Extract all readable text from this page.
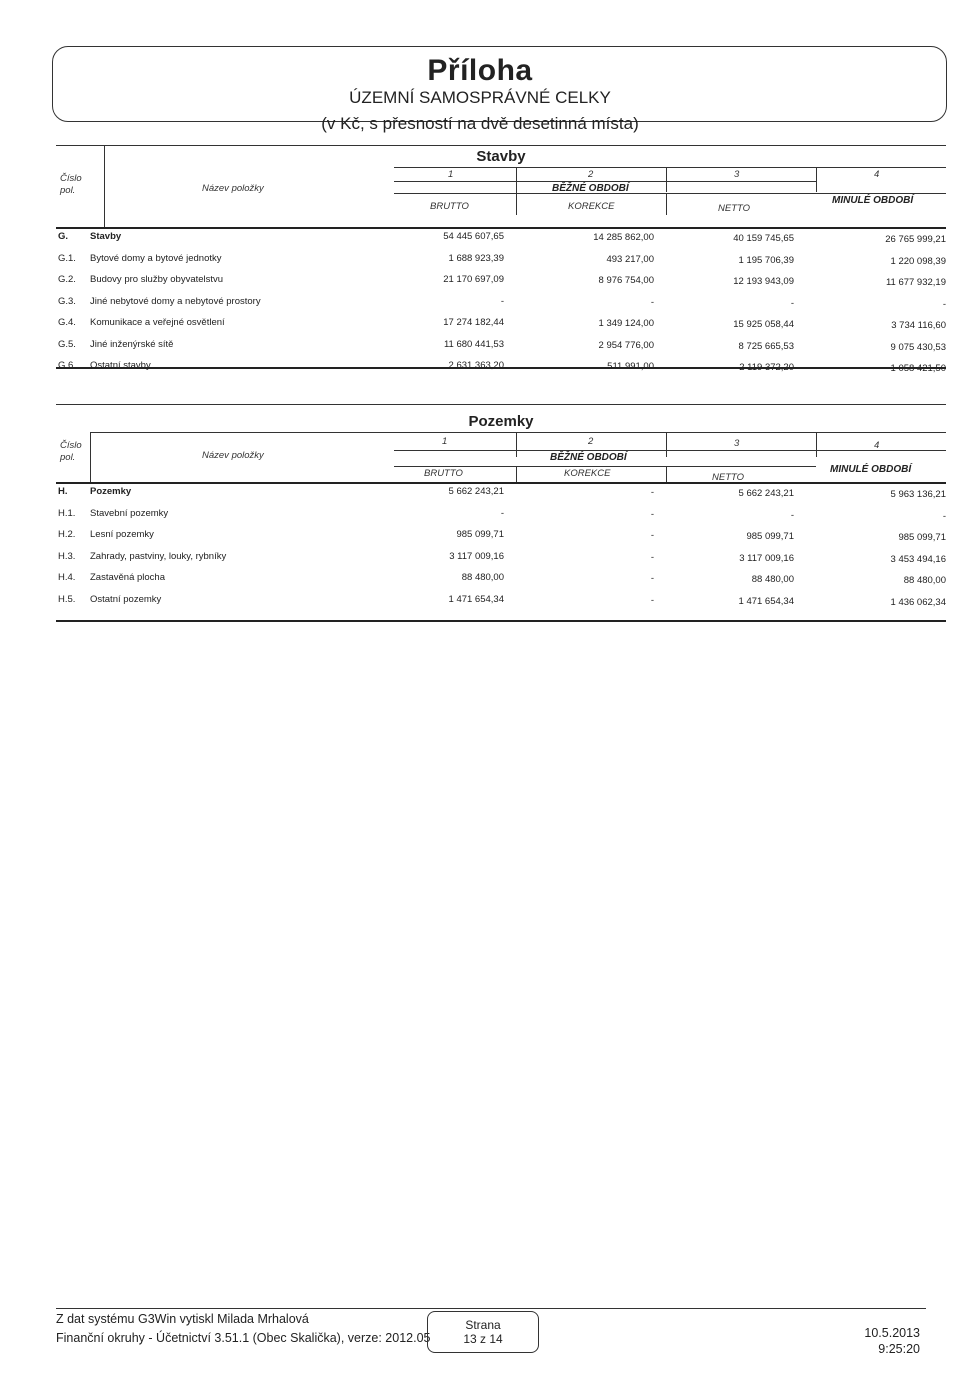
Příloha
ÚZEMNÍ SAMOSPRÁVNÉ CELKY
(v Kč, s přesností na dvě desetinná místa)
Stavby
Číslo
pol.	Název položky
1	2	3	4
BĚŽNÉ OBDOBÍ
MINULÉ OBDOBÍ
BRUTTO	KOREKCE	NETTO
G. Stavby	54 445 607,65	14 285 862,00	40 159 745,65	26 765 999,21
G.1. Bytové domy a bytové jednotky	1 688 923,39	493 217,00	1 195 706,39	1 220 098,39
G.2. Budovy pro služby obyvatelstvu	21 170 697,09	8 976 754,00	12 193 943,09	11 677 932,19
G.3. Jiné nebytové domy a nebytové prostory	-	-	-	-
G.4. Komunikace a veřejné osvětlení	17 274 182,44	1 349 124,00	15 925 058,44	3 734 116,60
G.5. Jiné inženýrské sítě	11 680 441,53	2 954 776,00	8 725 665,53	9 075 430,53
G.6. Ostatní stavby	2 631 363,20	511 991,00	2 119 372,20	1 058 421,50
Pozemky
Číslo
pol.	Název položky
1	2	3	4
BĚŽNÉ OBDOBÍ
MINULÉ OBDOBÍ
BRUTTO	KOREKCE	NETTO
H. Pozemky	5 662 243,21	-	5 662 243,21	5 963 136,21
H.1. Stavební pozemky	-	-	-	-
H.2. Lesní pozemky	985 099,71	-	985 099,71	985 099,71
H.3. Zahrady, pastviny, louky, rybníky	3 117 009,16	-	3 117 009,16	3 453 494,16
H.4. Zastavěná plocha	88 480,00	-	88 480,00	88 480,00
H.5. Ostatní pozemky	1 471 654,34	-	1 471 654,34	1 436 062,34
Z dat systému G3Win vytiskl Milada Mrhalová
Finanční okruhy - Účetnictví 3.51.1 (Obec Skalička), verze: 2012.05
Strana
13 z 14	10.5.2013
9:25:20
